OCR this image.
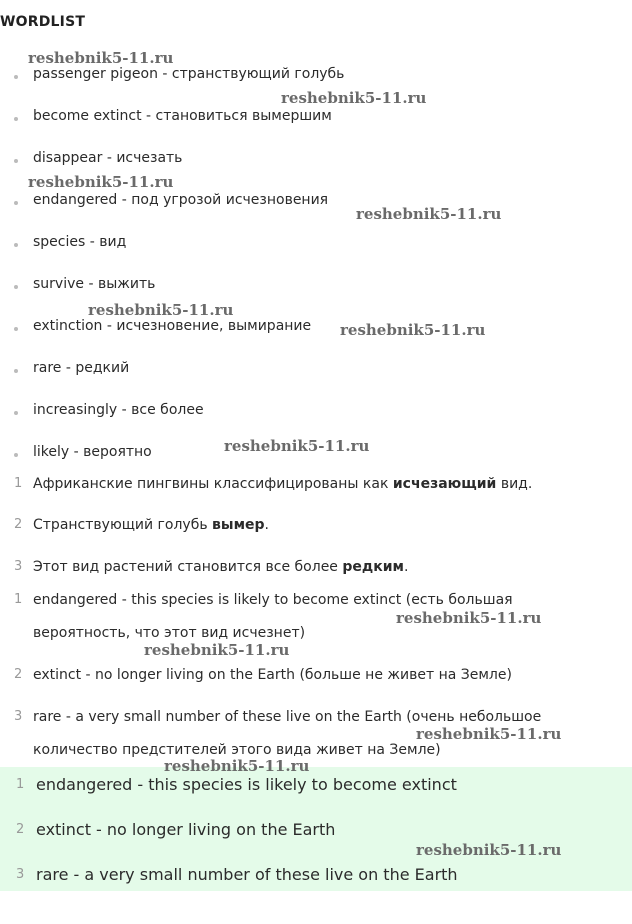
WORDLIST
passenger pigeon - странствующий голубь
become extinct - становиться вымершим
disappear - исчезать
endangered - под угрозой исчезновения
species - вид
survive - выжить
extinction - исчезновение, вымирание
rare - редкий
increasingly - все более
likely - вероятно
1 Африканские пингвины классифицированы как исчезающий вид.
2 Странствующий голубь вымер.
3 Этот вид растений становится все более редким.
1 endangered - this species is likely to become extinct (есть большая
вероятность, что этот вид исчезнет)
2 extinct - no longer living on the Earth (больше не живет на Земле)
3 rare - a very small number of these live on the Earth (очень небольшое
количество предстителей этого вида живет на Земле)
1 endangered - this species is likely to become extinct
2 extinct - no longer living on the Earth
3 rare - a very small number of these live on the Earth
reshebnik5-11.ru
reshebnik5-11.ru
reshebnik5-11.ru
reshebnik5-11.ru
reshebnik5-11.ru
reshebnik5-11.ru
reshebnik5-11.ru
reshebnik5-11.ru
reshebnik5-11.ru
reshebnik5-11.ru
reshebnik5-11.ru
reshebnik5-11.ru
